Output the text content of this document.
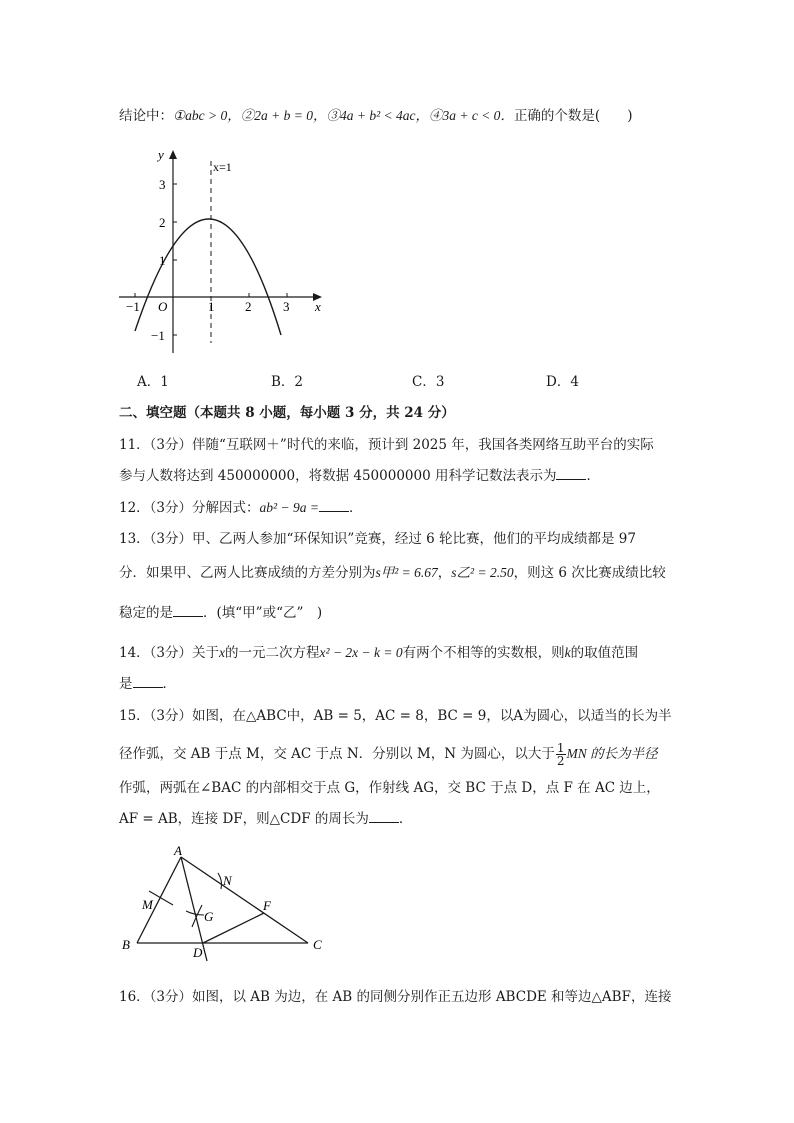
结论中：①abc > 0，②2a + b = 0，③4a + b² < 4ac，④3a + c < 0．正确的个数是(　　)
y
x
O
x=1
−1	1 2 3
3
2
1
−1
A．1	B．2	C．3	D．4
二、填空题（本题共 8 小题，每小题 3 分，共 24 分）
11．（3分）伴随“互联网＋”时代的来临，预计到 2025 年，我国各类网络互助平台的实际
参与人数将达到 450000000，将数据 450000000 用科学记数法表示为 ．
12．（3分）分解因式：ab² − 9a = ．
13．（3分）甲、乙两人参加“环保知识”竞赛，经过 6 轮比赛，他们的平均成绩都是 97
分．如果甲、乙两人比赛成绩的方差分别为s甲² = 6.67，s乙² = 2.50，则这 6 次比赛成绩比较
稳定的是 ．(填“甲”或“乙”　)
14．（3分）关于x的一元二次方程x² − 2x − k = 0有两个不相等的实数根，则k的取值范围
是 ．
15．（3分）如图，在△ABC中，AB = 5，AC = 8，BC = 9，以A为圆心，以适当的长为半
径作弧，交 AB 于点 M，交 AC 于点 N．分别以 M，N 为圆心，以大于 $\frac{1}{2}$ MN 的长为半径
作弧，两弧在∠BAC 的内部相交于点 G，作射线 AG，交 BC 于点 D，点 F 在 AC 边上，
AF = AB，连接 DF，则△CDF 的周长为 ．
A
B	C
D
F
G
M
N
16．（3分）如图，以 AB 为边，在 AB 的同侧分别作正五边形 ABCDE 和等边△ABF，连接
